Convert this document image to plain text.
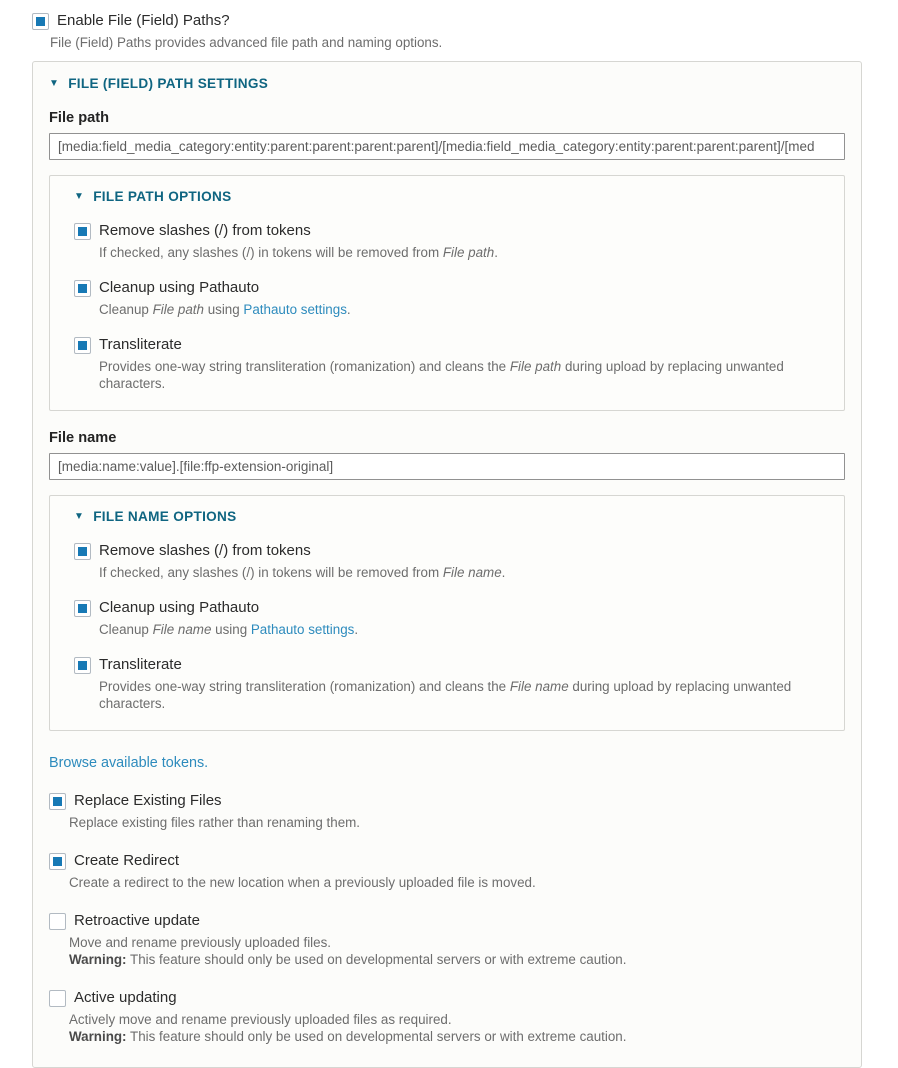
Enable File (Field) Paths?
File (Field) Paths provides advanced file path and naming options.
▼ FILE (FIELD) PATH SETTINGS
File path
[media:field_media_category:entity:parent:parent:parent:parent]/[media:field_media_category:entity:parent:parent:parent]/[med
▼ FILE PATH OPTIONS
Remove slashes (/) from tokens
If checked, any slashes (/) in tokens will be removed from File path.
Cleanup using Pathauto
Cleanup File path using Pathauto settings.
Transliterate
Provides one-way string transliteration (romanization) and cleans the File path during upload by replacing unwanted characters.
File name
[media:name:value].[file:ffp-extension-original]
▼ FILE NAME OPTIONS
Remove slashes (/) from tokens
If checked, any slashes (/) in tokens will be removed from File name.
Cleanup using Pathauto
Cleanup File name using Pathauto settings.
Transliterate
Provides one-way string transliteration (romanization) and cleans the File name during upload by replacing unwanted characters.
Browse available tokens.
Replace Existing Files
Replace existing files rather than renaming them.
Create Redirect
Create a redirect to the new location when a previously uploaded file is moved.
Retroactive update
Move and rename previously uploaded files.
Warning: This feature should only be used on developmental servers or with extreme caution.
Active updating
Actively move and rename previously uploaded files as required.
Warning: This feature should only be used on developmental servers or with extreme caution.
